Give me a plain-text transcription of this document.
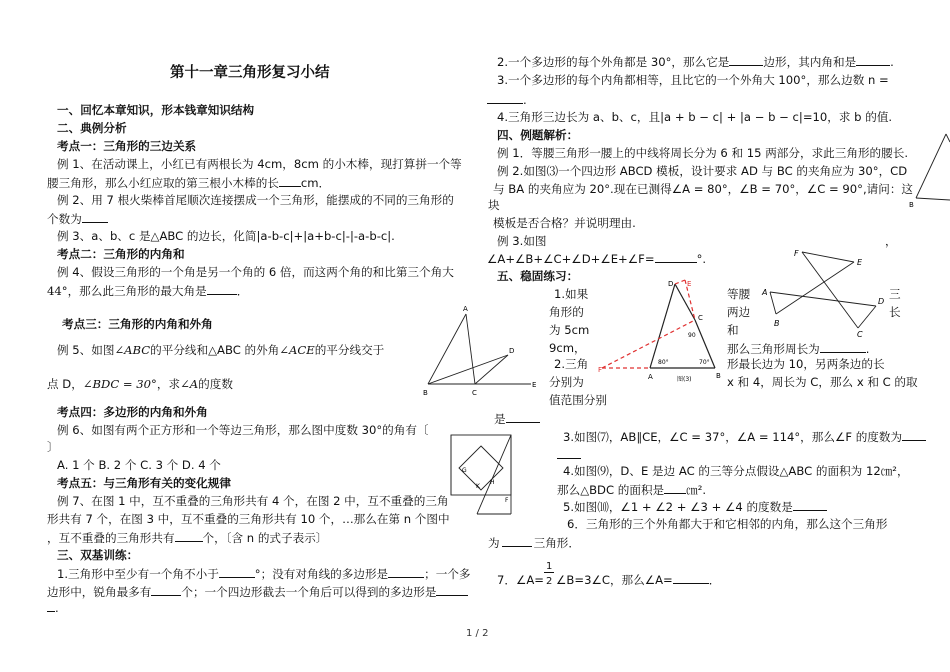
第十一章三角形复习小结
一、回忆本章知识，形本钱章知识结构
二、典例分析
考点一：三角形的三边关系
例 1、在活动课上，小红已有两根长为 4cm，8cm 的小木棒，现打算拼一个等
腰三角形，那么小红应取的第三根小木棒的长 cm．
例 2、用 7 根火柴棒首尾顺次连接摆成一个三角形，能摆成的不同的三角形的
个数为
例 3、a、b、c 是△ABC 的边长，化简|a-b-c|+|a+b-c|-|-a-b-c|.
考点二：三角形的内角和
例 4、假设三角形的一个角是另一个角的 6 倍，而这两个角的和比第三个角大
44°，那么此三角形的最大角是	．
考点三：三角形的内角和外角
例 5、如图∠ABC的平分线和△ABC 的外角∠ACE的平分线交于
点 D，∠BDC = 30°，求∠A的度数
考点四：多边形的内角和外角
例 6、如图有两个正方形和一个等边三角形，那么图中度数 30°的角有〔
〕
A. 1 个 B. 2 个 C. 3 个 D. 4 个
考点五：与三角形有关的变化规律
例 7、在图 1 中，互不重叠的三角形共有 4 个，在图 2 中，互不重叠的三角
形共有 7 个，在图 3 中，互不重叠的三角形共有 10 个，…那么在第 n 个图中
，互不重叠的三角形共有 个，〔含 n 的式子表示〕
三、双基训练：
1.三角形中至少有一个角不小于	°；没有对角线的多边形是	；一个多
边形中，锐角最多有	个；一个四边形截去一个角后可以得到的多边形是
.
A
B	C
D
E
G
H
K
F
2.一个多边形的每个外角都是 30°，那么它是	边形，其内角和是	.
3.一个多边形的每个内角都相等，且比它的一个外角大 100°，那么边数 n =
.
4.三角形三边长为 a、b、c，且|a + b − c| + |a − b − c|=10，求 b 的值.
四、例题解析：
例 1．等腰三角形一腰上的中线将周长分为 6 和 15 两部分，求此三角形的腰长.
例 2.如图⑶一个四边形 ABCD 模板，设计要求 AD 与 BC 的夹角应为 30°，CD
与 BA 的夹角应为 20°.现在已测得∠A = 80°，∠B = 70°，∠C = 90°,请问：这
块
模板是否合格？并说明理由.
例 3.如图	，
∠A+∠B+∠C+∠D+∠E+∠F=	°.
五、稳固练习：
1.如果
角形的
为 5cm
9cm，
等腰
两边
和
那么三角形周长为	.
三
长
2.三角
分别为
值范围分别
是
形最长边为 10，另两条边的长
x 和 4，周长为 C，那么 x 和 C 的取
3.如图⑺，AB∥CE，∠C = 37°，∠A = 114°，那么∠F 的度数为
4.如图⑼，D、E 是边 AC 的三等分点假设△ABC 的面积为 12㎝²，
那么△BDC 的面积是 ㎝².
5.如图⑽，∠1 + ∠2 + ∠3 + ∠4 的度数是
6．三角形的三个外角都大于和它相邻的内角，那么这个三角形
为	三角形．
7．∠A= $\frac{1}{2}$ ∠B=3∠C，那么∠A=	．
80°	70°
90
A	B
C
D E
F
图(3)
F
E
A
B
D
C
B
1 / 2
